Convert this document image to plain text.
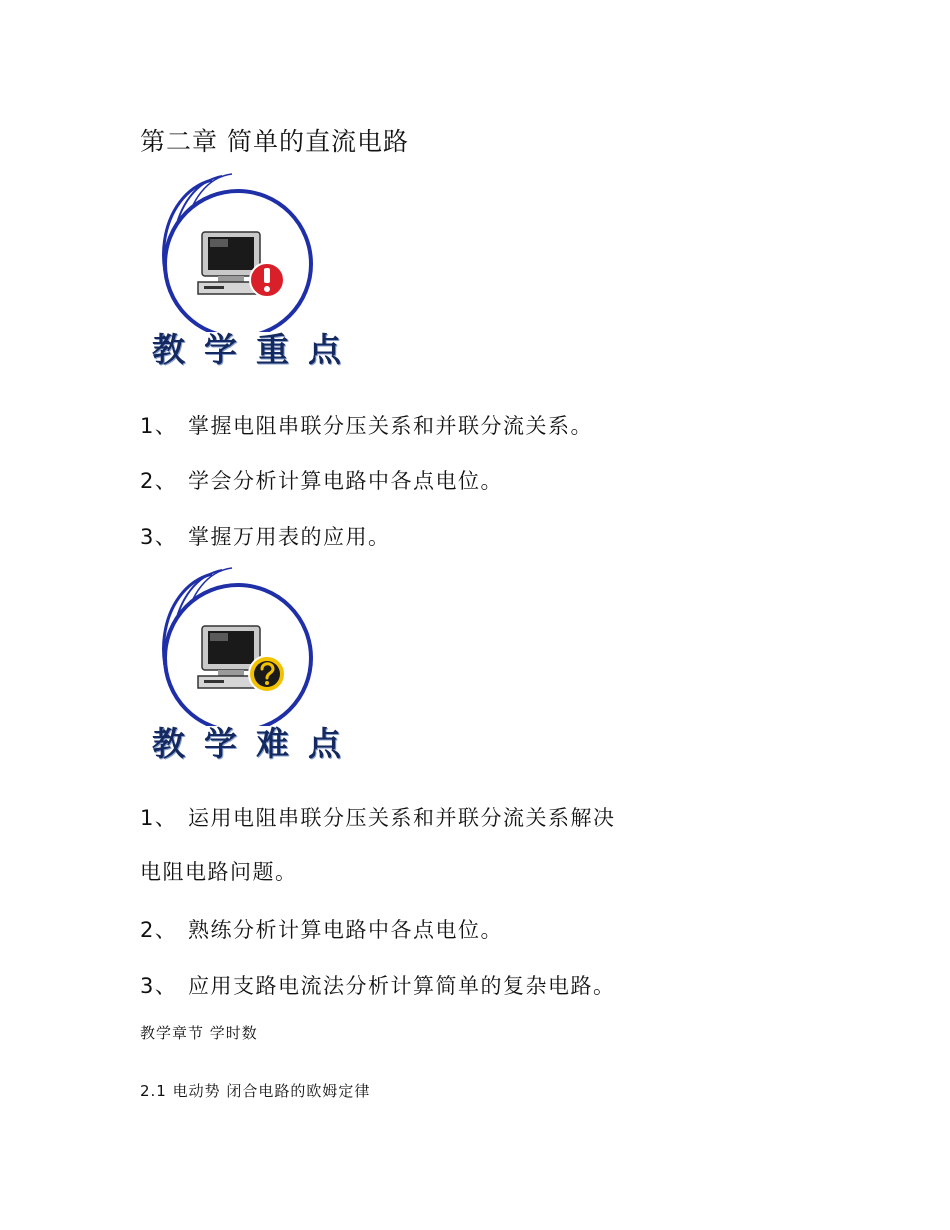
第二章 简单的直流电路
教学重点
1、 掌握电阻串联分压关系和并联分流关系。
2、 学会分析计算电路中各点电位。
3、 掌握万用表的应用。
教学难点
1、 运用电阻串联分压关系和并联分流关系解决
电阻电路问题。
2、 熟练分析计算电路中各点电位。
3、 应用支路电流法分析计算简单的复杂电路。
教学章节 学时数
2.1 电动势 闭合电路的欧姆定律
